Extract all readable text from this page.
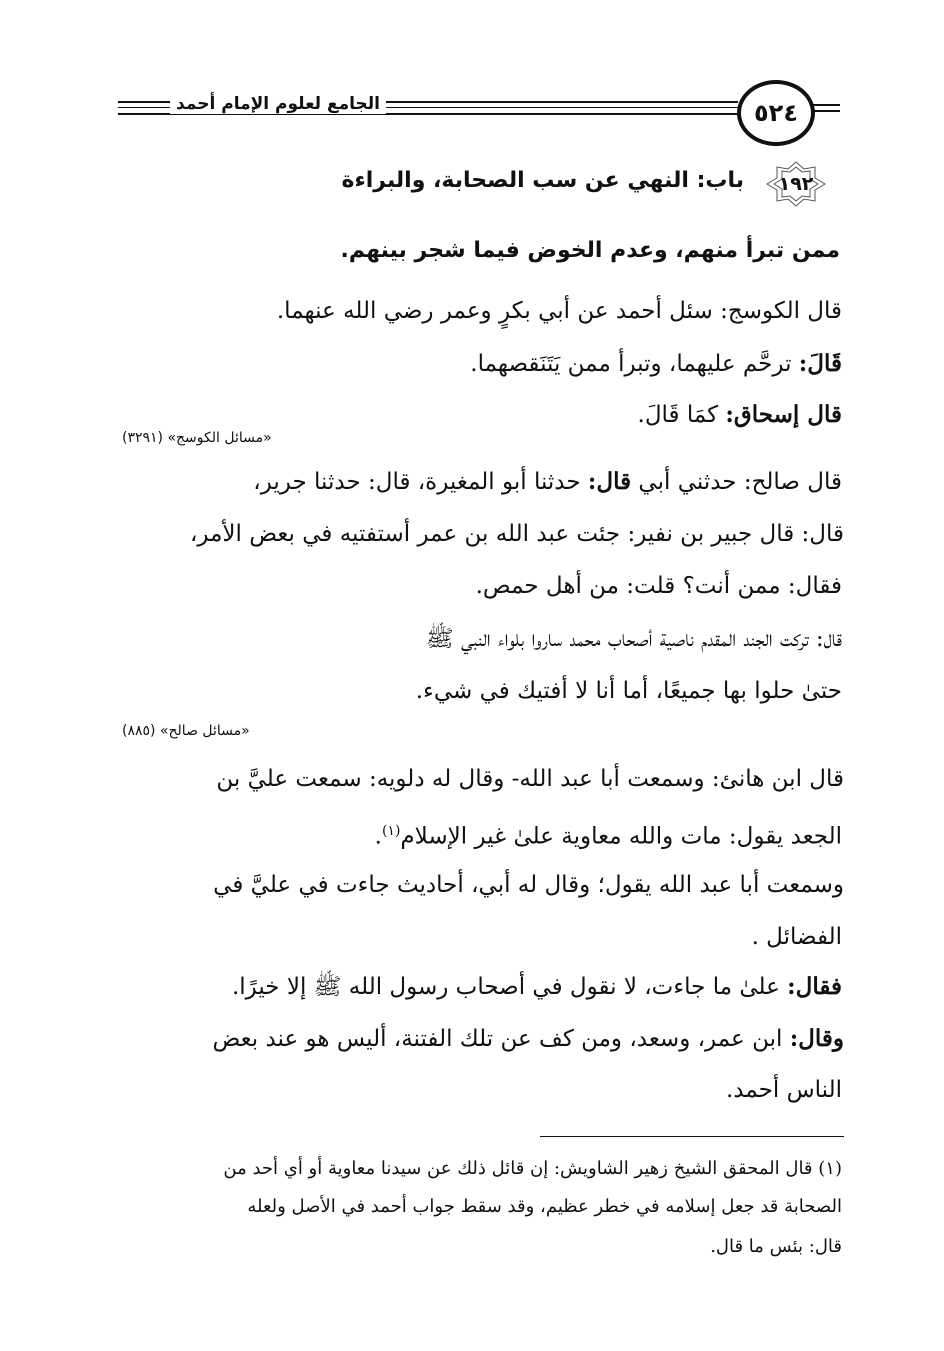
الجامع لعلوم الإمام أحمد	٥٢٤
١٩٢
باب: النهي عن سب الصحابة، والبراءة
ممن تبرأ منهم، وعدم الخوض فيما شجر بينهم.
قال الكوسج: سئل أحمد عن أبي بكرٍ وعمر رضي الله عنهما.
قَالَ: ترحَّم عليهما، وتبرأ ممن يَتَنَقصهما.
قال إسحاق: كمَا قَالَ.
«مسائل الكوسج» (٣٢٩١)
قال صالح: حدثني أبي قال: حدثنا أبو المغيرة، قال: حدثنا جرير،
قال: قال جبير بن نفير: جئت عبد الله بن عمر أستفتيه في بعض الأمر،
فقال: ممن أنت؟ قلت: من أهل حمص.
قال: تركت الجند المقدم ناصية أصحاب محمد ساروا بلواء النبي ﷺ
حتىٰ حلوا بها جميعًا، أما أنا لا أفتيك في شيء.
«مسائل صالح» (٨٨٥)
قال ابن هانئ: وسمعت أبا عبد الله- وقال له دلويه: سمعت عليَّ بن
الجعد يقول: مات والله معاوية علىٰ غير الإسلام$^{(١)}$.
وسمعت أبا عبد الله يقول؛ وقال له أبي، أحاديث جاءت في عليَّ في
الفضائل .
فقال: علىٰ ما جاءت، لا نقول في أصحاب رسول الله ﷺ إلا خيرًا.
وقال: ابن عمر، وسعد، ومن كف عن تلك الفتنة، أليس هو عند بعض
الناس أحمد.
(١) قال المحقق الشيخ زهير الشاويش: إن قائل ذلك عن سيدنا معاوية أو أي أحد من
الصحابة قد جعل إسلامه في خطر عظيم، وقد سقط جواب أحمد في الأصل ولعله
قال: بئس ما قال.
